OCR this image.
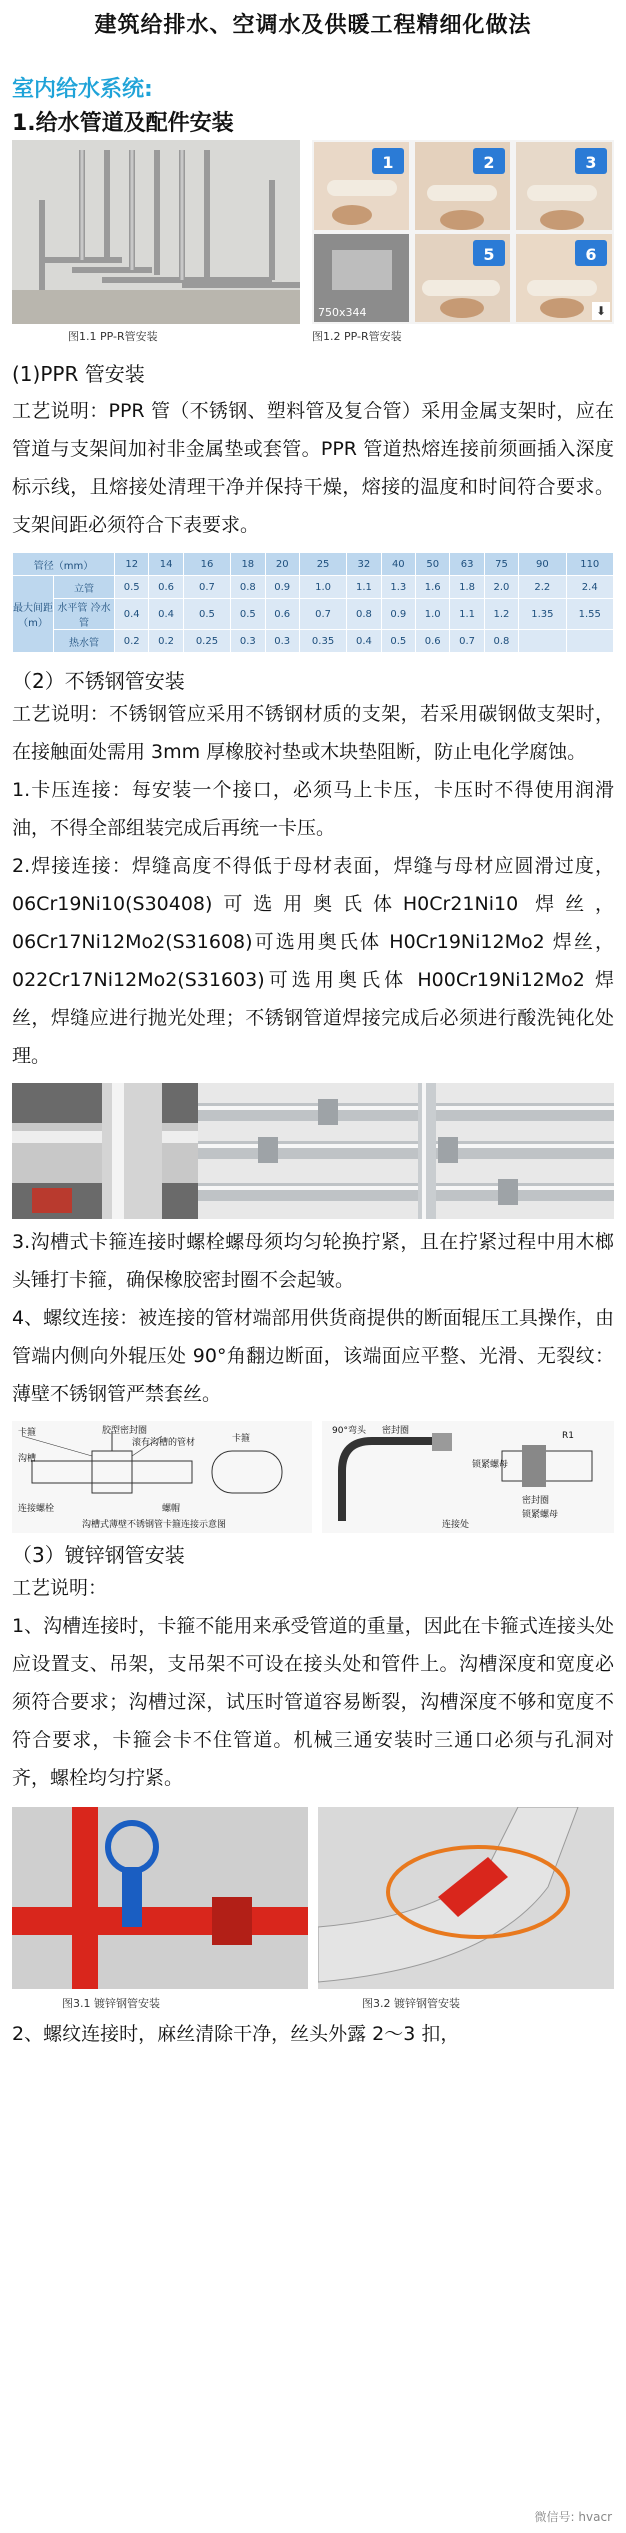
建筑给排水、空调水及供暖工程精细化做法
室内给水系统:
1.给水管道及配件安装
1	2	3
5	6
750x344	⬇
图1.1 PP-R管安装	图1.2 PP-R管安装
(1)PPR 管安装
工艺说明：PPR 管（不锈钢、塑料管及复合管）采用金属支架时，应在管道与支架间加衬非金属垫或套管。PPR 管道热熔连接前须画插入深度标示线，且熔接处清理干净并保持干燥，熔接的温度和时间符合要求。支架间距必须符合下表要求。
管径（mm）		12	14	16	18	20	25	32	40	50	63	75	90	110
最大间距（m）	立管	0.5	0.6	0.7	0.8	0.9	1.0	1.1	1.3	1.6	1.8	2.0	2.2	2.4
	水平管 冷水管	0.4	0.4	0.5	0.5	0.6	0.7	0.8	0.9	1.0	1.1	1.2	1.35	1.55
	热水管	0.2	0.2	0.25	0.3	0.3	0.35	0.4	0.5	0.6	0.7	0.8		
（2）不锈钢管安装
工艺说明：不锈钢管应采用不锈钢材质的支架，若采用碳钢做支架时，在接触面处需用 3mm 厚橡胶衬垫或木块垫阻断，防止电化学腐蚀。
1.卡压连接：每安装一个接口，必须马上卡压，卡压时不得使用润滑油，不得全部组装完成后再统一卡压。
2.焊接连接：焊缝高度不得低于母材表面，焊缝与母材应圆滑过度，06Cr19Ni10(S30408)可选用奥氏体H0Cr21Ni10 焊丝，06Cr17Ni12Mo2(S31608)可选用奥氏体 H0Cr19Ni12Mo2 焊丝，022Cr17Ni12Mo2(S31603)可选用奥氏体 H00Cr19Ni12Mo2 焊丝，焊缝应进行抛光处理；不锈钢管道焊接完成后必须进行酸洗钝化处理。
3.沟槽式卡箍连接时螺栓螺母须均匀轮换拧紧，且在拧紧过程中用木榔头锤打卡箍，确保橡胶密封圈不会起皱。
4、螺纹连接：被连接的管材端部用供货商提供的断面辊压工具操作，由管端内侧向外辊压处 90°角翻边断面，该端面应平整、光滑、无裂纹：薄壁不锈钢管严禁套丝。
卡箍	胶型密封圈
滚有沟槽的管材	卡箍
沟槽
连接螺栓	螺帽
沟槽式薄壁不锈钢管卡箍连接示意图
90°弯头 密封圈	R1
锁紧螺母
密封圈
锁紧螺母
连接处
（3）镀锌钢管安装
工艺说明：
1、沟槽连接时，卡箍不能用来承受管道的重量，因此在卡箍式连接头处应设置支、吊架，支吊架不可设在接头处和管件上。沟槽深度和宽度必须符合要求；沟槽过深，试压时管道容易断裂，沟槽深度不够和宽度不符合要求，卡箍会卡不住管道。机械三通安装时三通口必须与孔洞对齐，螺栓均匀拧紧。
图3.1 镀锌钢管安装	图3.2 镀锌钢管安装
2、螺纹连接时，麻丝清除干净，丝头外露 2～3 扣，
微信号: hvacr
